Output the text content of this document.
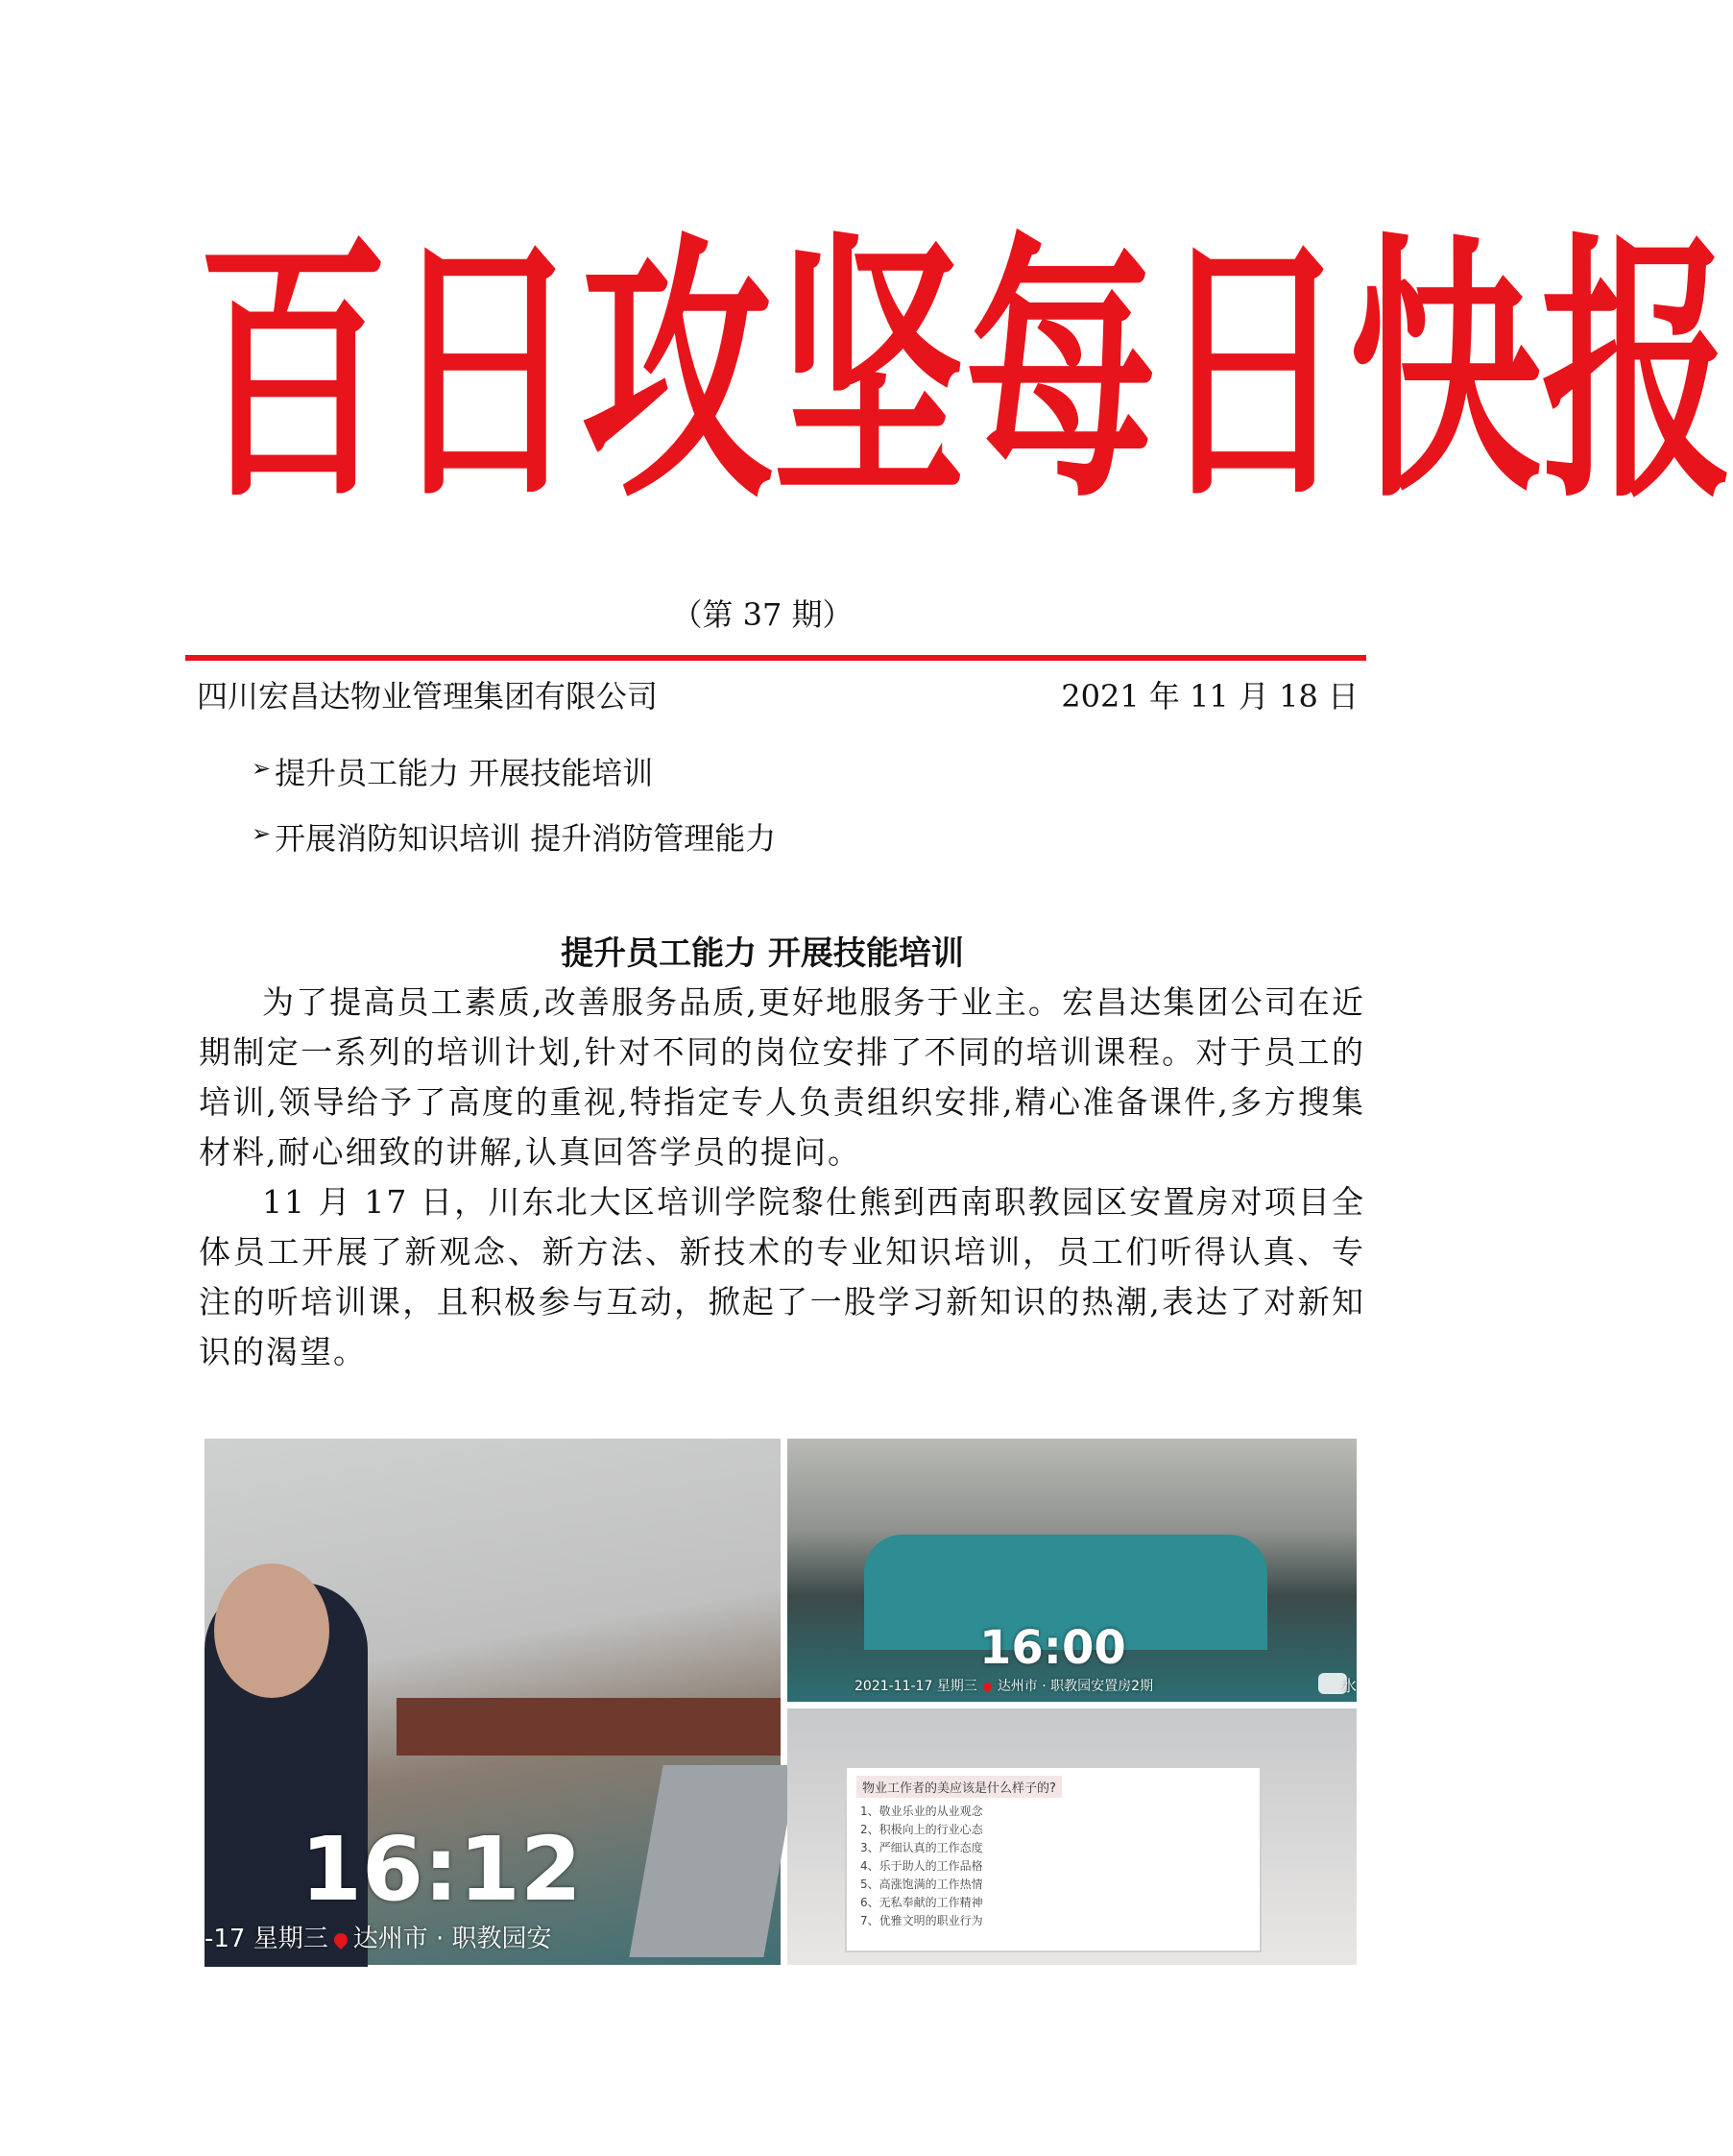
百 日 攻 坚 每 日 快 报
（第 37 期）
四川宏昌达物业管理集团有限公司	2021 年 11 月 18 日
➢ 提升员工能力 开展技能培训
➢ 开展消防知识培训 提升消防管理能力
提升员工能力 开展技能培训

为了提高员工素质,改善服务品质,更好地服务于业主。宏昌达集团公司在近期制定一系列的培训计划,针对不同的岗位安排了不同的培训课程。对于员工的培训,领导给予了高度的重视,特指定专人负责组织安排,精心准备课件,多方搜集材料,耐心细致的讲解,认真回答学员的提问。

11 月 17 日，川东北大区培训学院黎仕熊到西南职教园区安置房对项目全体员工开展了新观念、新方法、新技术的专业知识培训，员工们听得认真、专注的听培训课，且积极参与互动，掀起了一股学习新知识的热潮,表达了对新知识的渴望。

16:12
-17 星期三 达州市 · 职教园安
16:00
2021-11-17 星期三 达州市 · 职教园安置房2期	水
物业工作者的美应该是什么样子的?
1、敬业乐业的从业观念
2、积极向上的行业心态
3、严细认真的工作态度
4、乐于助人的工作品格
5、高涨饱满的工作热情
6、无私奉献的工作精神
7、优雅文明的职业行为
